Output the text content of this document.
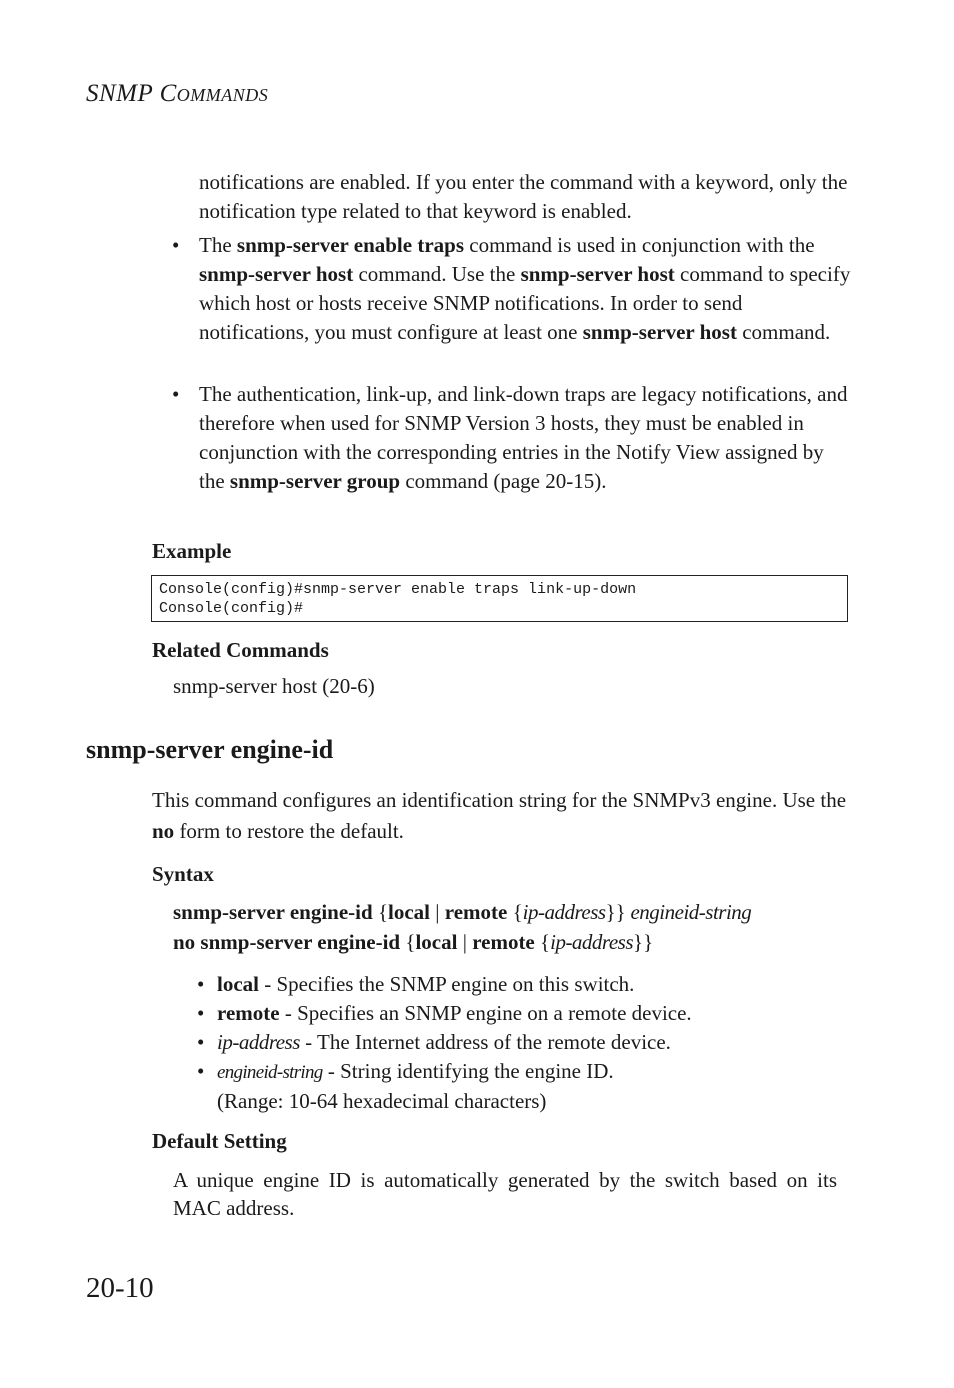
SNMP COMMANDS
notifications are enabled. If you enter the command with a keyword, only the notification type related to that keyword is enabled.
• The snmp-server enable traps command is used in conjunction with the snmp-server host command. Use the snmp-server host command to specify which host or hosts receive SNMP notifications. In order to send notifications, you must configure at least one snmp-server host command.
• The authentication, link-up, and link-down traps are legacy notifications, and therefore when used for SNMP Version 3 hosts, they must be enabled in conjunction with the corresponding entries in the Notify View assigned by the snmp-server group command (page 20-15).
Example
Console(config)#snmp-server enable traps link-up-down
Console(config)#
Related Commands
snmp-server host (20-6)
snmp-server engine-id
This command configures an identification string for the SNMPv3 engine. Use the no form to restore the default.
Syntax
snmp-server engine-id {local | remote {ip-address}} engineid-string
no snmp-server engine-id {local | remote {ip-address}}
• local - Specifies the SNMP engine on this switch.
• remote - Specifies an SNMP engine on a remote device.
• ip-address - The Internet address of the remote device.
• engineid-string - String identifying the engine ID.
(Range: 10-64 hexadecimal characters)
Default Setting
A unique engine ID is automatically generated by the switch based on its MAC address.
20-10
